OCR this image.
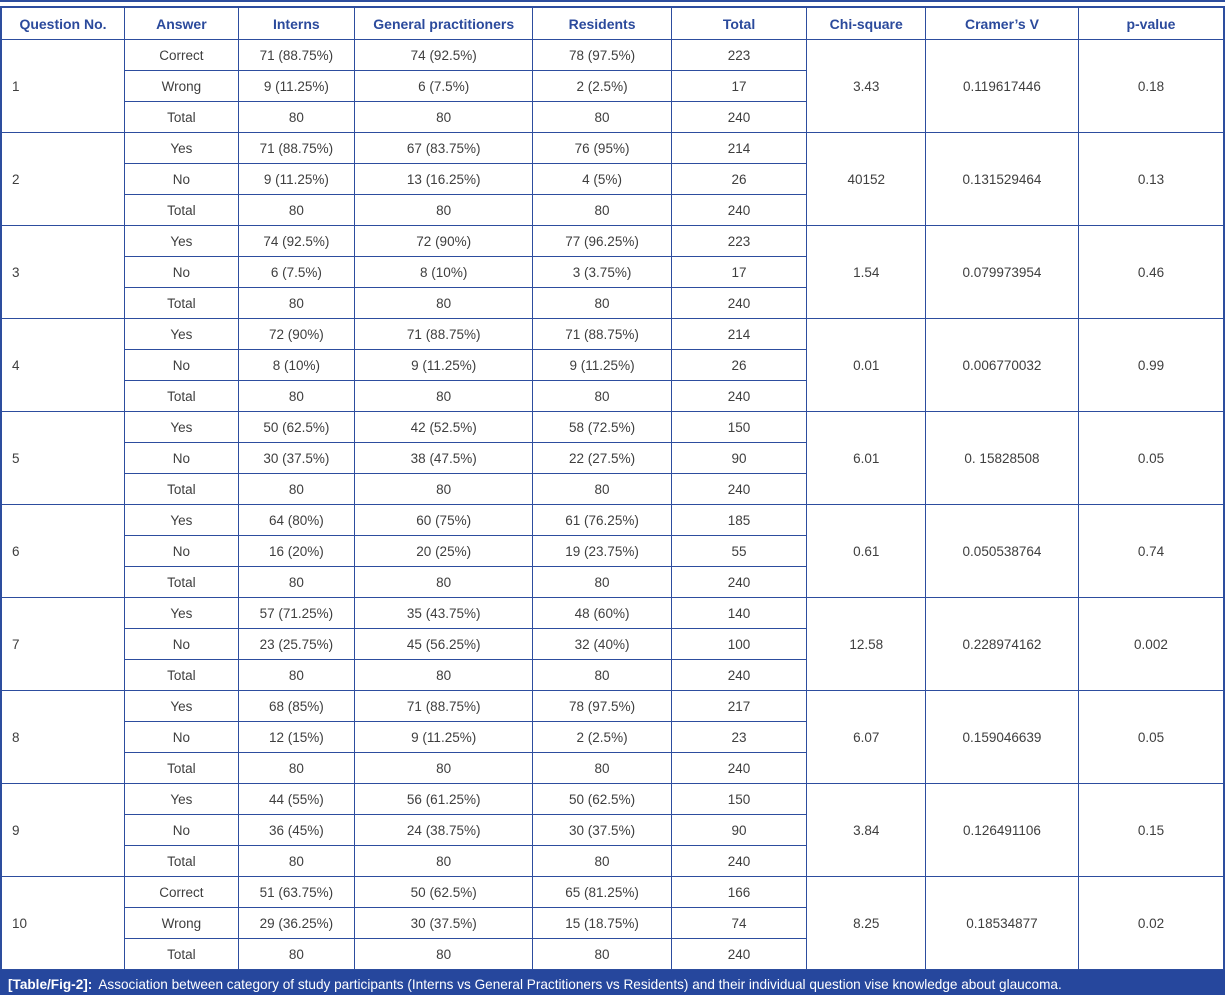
Question No.	Answer	Interns	General practitioners	Residents	Total	Chi-square	Cramer’s V	p-value
1	Correct	71 (88.75%)	74 (92.5%)	78 (97.5%)	223	3.43	0.119617446	0.18
	Wrong	9 (11.25%)	6 (7.5%)	2 (2.5%)	17			
	Total	80	80	80	240			
2	Yes	71 (88.75%)	67 (83.75%)	76 (95%)	214	40152	0.131529464	0.13
	No	9 (11.25%)	13 (16.25%)	4 (5%)	26			
	Total	80	80	80	240			
3	Yes	74 (92.5%)	72 (90%)	77 (96.25%)	223	1.54	0.079973954	0.46
	No	6 (7.5%)	8 (10%)	3 (3.75%)	17			
	Total	80	80	80	240			
4	Yes	72 (90%)	71 (88.75%)	71 (88.75%)	214	0.01	0.006770032	0.99
	No	8 (10%)	9 (11.25%)	9 (11.25%)	26			
	Total	80	80	80	240			
5	Yes	50 (62.5%)	42 (52.5%)	58 (72.5%)	150	6.01	0. 15828508	0.05
	No	30 (37.5%)	38 (47.5%)	22 (27.5%)	90			
	Total	80	80	80	240			
6	Yes	64 (80%)	60 (75%)	61 (76.25%)	185	0.61	0.050538764	0.74
	No	16 (20%)	20 (25%)	19 (23.75%)	55			
	Total	80	80	80	240			
7	Yes	57 (71.25%)	35 (43.75%)	48 (60%)	140	12.58	0.228974162	0.002
	No	23 (25.75%)	45 (56.25%)	32 (40%)	100			
	Total	80	80	80	240			
8	Yes	68 (85%)	71 (88.75%)	78 (97.5%)	217	6.07	0.159046639	0.05
	No	12 (15%)	9 (11.25%)	2 (2.5%)	23			
	Total	80	80	80	240			
9	Yes	44 (55%)	56 (61.25%)	50 (62.5%)	150	3.84	0.126491106	0.15
	No	36 (45%)	24 (38.75%)	30 (37.5%)	90			
	Total	80	80	80	240			
10	Correct	51 (63.75%)	50 (62.5%)	65 (81.25%)	166	8.25	0.18534877	0.02
	Wrong	29 (36.25%)	30 (37.5%)	15 (18.75%)	74			
	Total	80	80	80	240			
[Table/Fig-2]: Association between category of study participants (Interns vs General Practitioners vs Residents) and their individual question vise knowledge about glaucoma.
